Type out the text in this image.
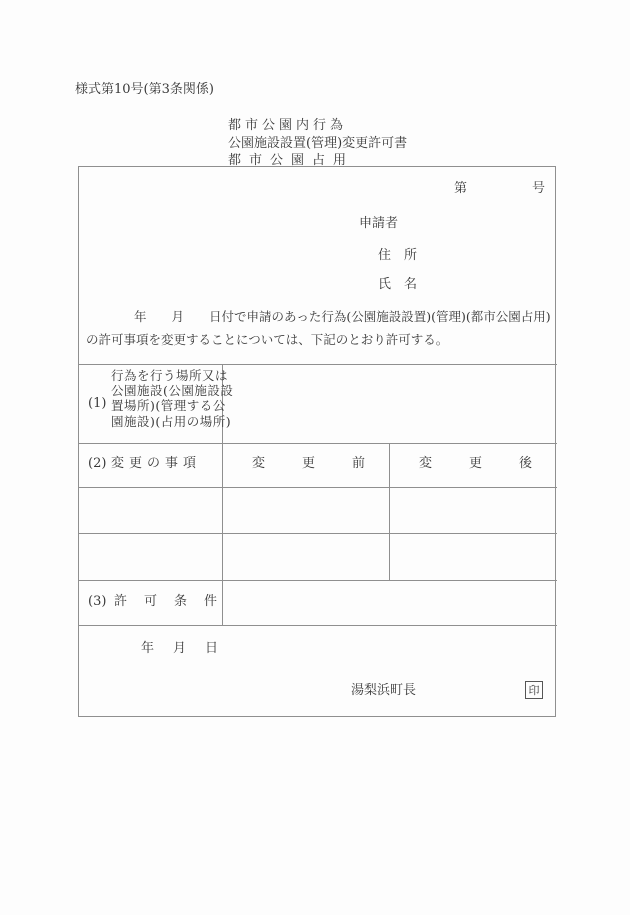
様式第10号(第3条関係)
都市公園内行為
公園施設設置(管理)変更許可書
都市公園占用
第　　　　　号
申請者
住所
氏名
年　　月　　日付で申請のあった行為(公園施設設置)(管理)(都市公園占用)
の許可事項を変更することについては、下記のとおり許可する。
(1)
行為を行う場所又は公園施設(公園施設設置場所)(管理する公園施設)(占用の場所)
(2) 変更の事項	変更前 変更後
(3) 許可条件
年　月　日
湯梨浜町長	印
